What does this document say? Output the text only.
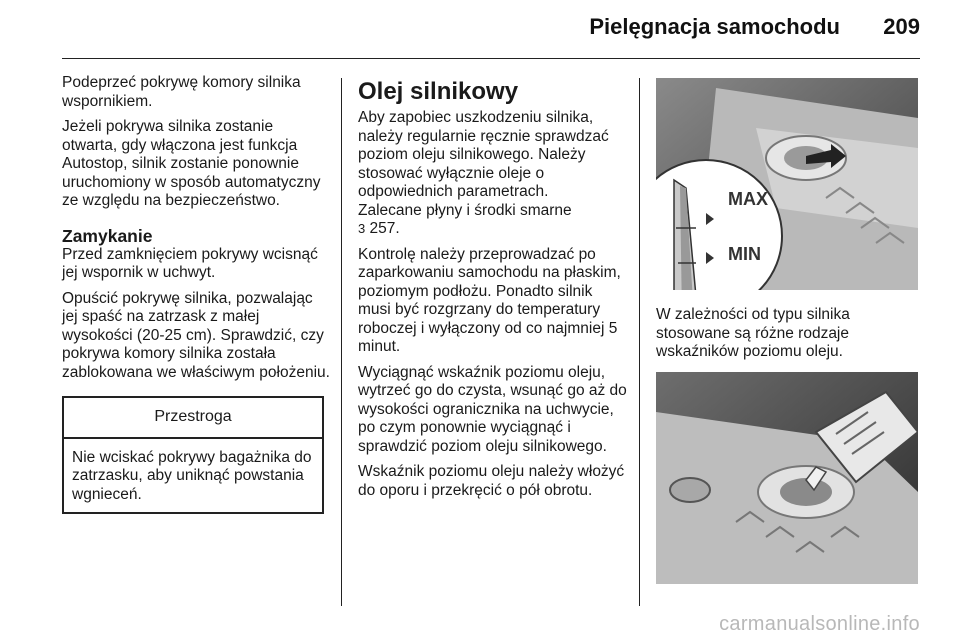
Pielęgnacja samochodu 209

Podeprzeć pokrywę komory silnika wspornikiem.

Jeżeli pokrywa silnika zostanie otwarta, gdy włączona jest funkcja Autostop, silnik zostanie ponownie uruchomiony w sposób automatyczny ze względu na bezpieczeństwo.

Zamykanie

Przed zamknięciem pokrywy wcisnąć jej wspornik w uchwyt.

Opuścić pokrywę silnika, pozwalając jej spaść na zatrzask z małej wysokości (20-25 cm). Sprawdzić, czy pokrywa komory silnika została zablokowana we właściwym położeniu.

Przestroga
Nie wciskać pokrywy bagażnika do zatrzasku, aby uniknąć powstania wgnieceń.
Olej silnikowy

Aby zapobiec uszkodzeniu silnika, należy regularnie ręcznie sprawdzać poziom oleju silnikowego. Należy stosować wyłącznie oleje o odpowiednich parametrach.

Zalecane płyny i środki smarne

3 257.

Kontrolę należy przeprowadzać po zaparkowaniu samochodu na płaskim, poziomym podłożu. Ponadto silnik musi być rozgrzany do temperatury roboczej i wyłączony od co najmniej 5 minut.

Wyciągnąć wskaźnik poziomu oleju, wytrzeć go do czysta, wsunąć go aż do wysokości ogranicznika na uchwycie, po czym ponownie wyciągnąć i sprawdzić poziom oleju silnikowego.

Wskaźnik poziomu oleju należy włożyć do oporu i przekręcić o pół obrotu.

MAX
MIN

W zależności od typu silnika stosowane są różne rodzaje wskaźników poziomu oleju.

carmanualsonline.info
